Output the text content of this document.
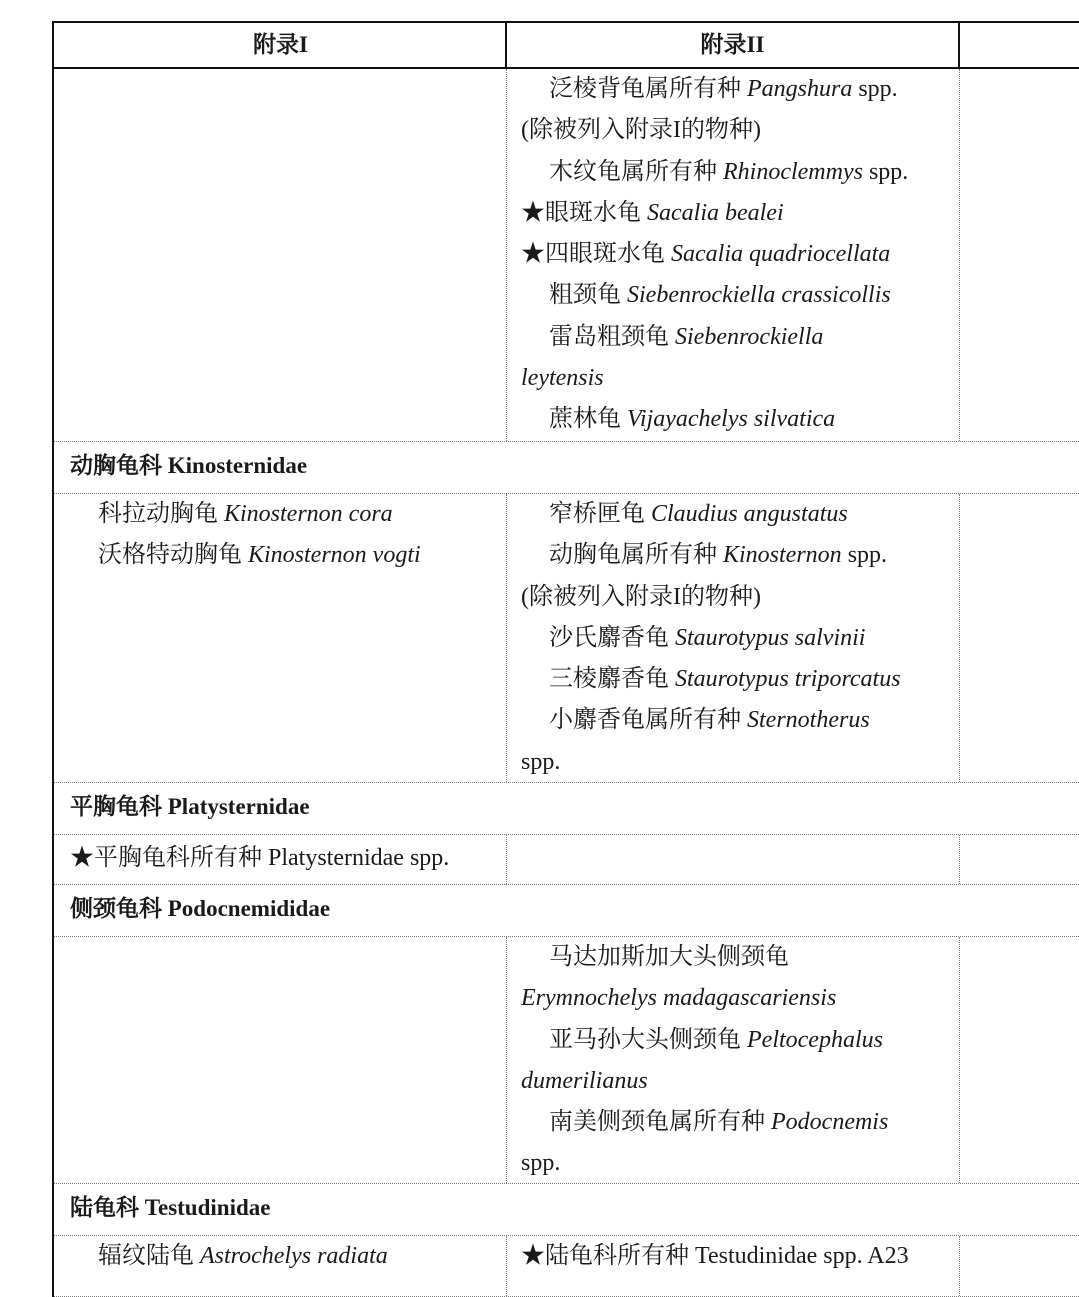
附录I	附录II
泛棱背龟属所有种 Pangshura spp.
(除被列入附录I的物种)
木纹龟属所有种 Rhinoclemmys spp.
★眼斑水龟 Sacalia bealei
★四眼斑水龟 Sacalia quadriocellata
粗颈龟 Siebenrockiella crassicollis
雷岛粗颈龟 Siebenrockiella
leytensis
蔗林龟 Vijayachelys silvatica
动胸龟科 Kinosternidae
科拉动胸龟 Kinosternon cora
沃格特动胸龟 Kinosternon vogti
窄桥匣龟 Claudius angustatus
动胸龟属所有种 Kinosternon spp.
(除被列入附录I的物种)
沙氏麝香龟 Staurotypus salvinii
三棱麝香龟 Staurotypus triporcatus
小麝香龟属所有种 Sternotherus
spp.
平胸龟科 Platysternidae
★平胸龟科所有种 Platysternidae spp.
侧颈龟科 Podocnemididae
马达加斯加大头侧颈龟
Erymnochelys madagascariensis
亚马孙大头侧颈龟 Peltocephalus
dumerilianus
南美侧颈龟属所有种 Podocnemis
spp.
陆龟科 Testudinidae
辐纹陆龟 Astrochelys radiata	★陆龟科所有种 Testudinidae spp. A23
